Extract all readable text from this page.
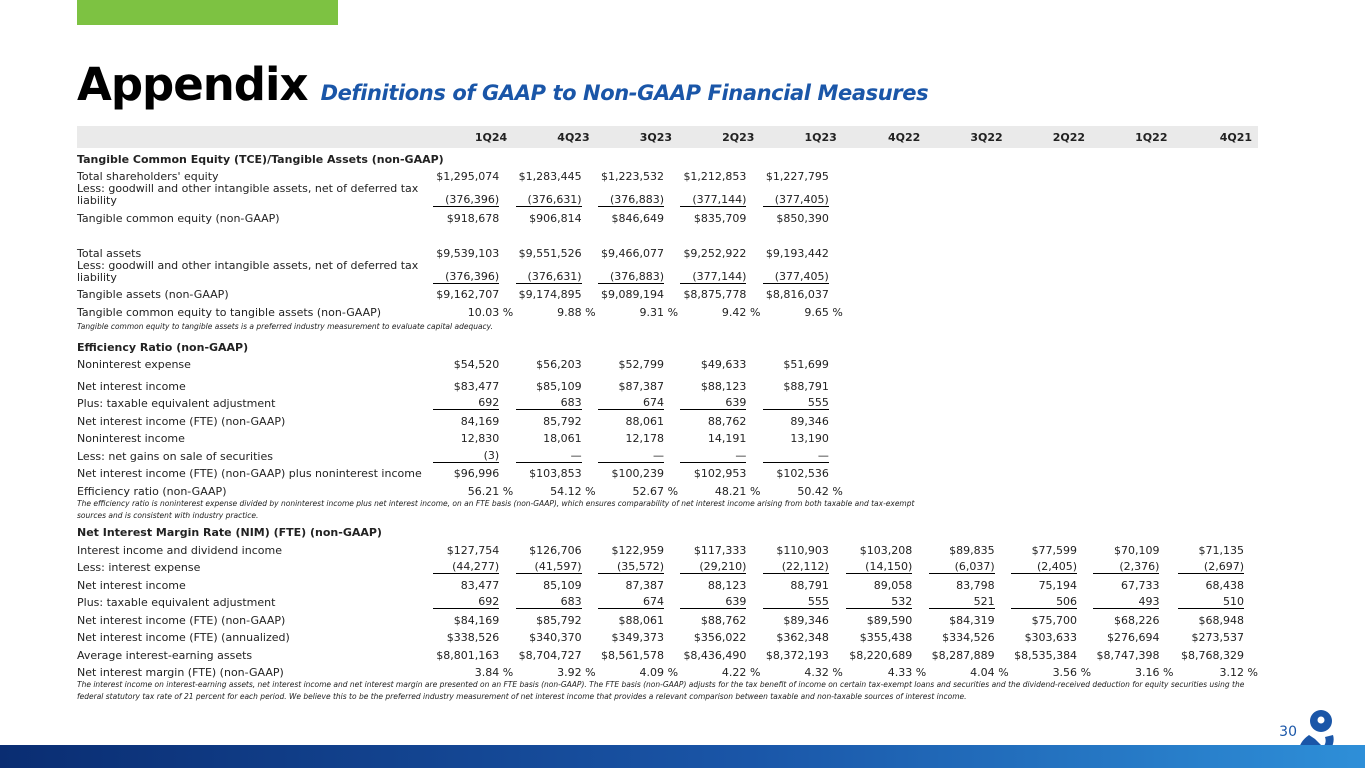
Appendix Definitions of GAAP to Non-GAAP Financial Measures
	1Q24	4Q23	3Q23	2Q23	1Q23	4Q22	3Q22	2Q22	1Q22	4Q21
Tangible Common Equity (TCE)/Tangible Assets (non-GAAP)										
Total shareholders' equity	$1,295,074	$1,283,445	$1,223,532	$1,212,853	$1,227,795					
Less: goodwill and other intangible assets, net of deferred tax liability	(376,396)	(376,631)	(376,883)	(377,144)	(377,405)					
Tangible common equity (non-GAAP)	$918,678	$906,814	$846,649	$835,709	$850,390					

Total assets	$9,539,103	$9,551,526	$9,466,077	$9,252,922	$9,193,442					
Less: goodwill and other intangible assets, net of deferred tax liability	(376,396)	(376,631)	(376,883)	(377,144)	(377,405)					
Tangible assets (non-GAAP)	$9,162,707	$9,174,895	$9,089,194	$8,875,778	$8,816,037					
Tangible common equity to tangible assets (non-GAAP)	10.03 %	9.88 %	9.31 %	9.42 %	9.65 %					
Tangible common equity to tangible assets is a preferred industry measurement to evaluate capital adequacy.										
Efficiency Ratio (non-GAAP)										
Noninterest expense	$54,520	$56,203	$52,799	$49,633	$51,699					

Net interest income	$83,477	$85,109	$87,387	$88,123	$88,791					
Plus: taxable equivalent adjustment	692	683	674	639	555					
Net interest income (FTE) (non-GAAP)	84,169	85,792	88,061	88,762	89,346					
Noninterest income	12,830	18,061	12,178	14,191	13,190					
Less: net gains on sale of securities	(3)	—	—	—	—					
Net interest income (FTE) (non-GAAP) plus noninterest income	$96,996	$103,853	$100,239	$102,953	$102,536					
Efficiency ratio (non-GAAP)	56.21 %	54.12 %	52.67 %	48.21 %	50.42 %					
The efficiency ratio is noninterest expense divided by noninterest income plus net interest income, on an FTE basis (non-GAAP), which ensures comparability of net interest income arising from both taxable and tax-exempt sources and is consistent with industry practice.										
Net Interest Margin Rate (NIM) (FTE) (non-GAAP)										
Interest income and dividend income	$127,754	$126,706	$122,959	$117,333	$110,903	$103,208	$89,835	$77,599	$70,109	$71,135
Less: interest expense	(44,277)	(41,597)	(35,572)	(29,210)	(22,112)	(14,150)	(6,037)	(2,405)	(2,376)	(2,697)
Net interest income	83,477	85,109	87,387	88,123	88,791	89,058	83,798	75,194	67,733	68,438
Plus: taxable equivalent adjustment	692	683	674	639	555	532	521	506	493	510
Net interest income (FTE) (non-GAAP)	$84,169	$85,792	$88,061	$88,762	$89,346	$89,590	$84,319	$75,700	$68,226	$68,948
Net interest income (FTE) (annualized)	$338,526	$340,370	$349,373	$356,022	$362,348	$355,438	$334,526	$303,633	$276,694	$273,537
Average interest-earning assets	$8,801,163	$8,704,727	$8,561,578	$8,436,490	$8,372,193	$8,220,689	$8,287,889	$8,535,384	$8,747,398	$8,768,329
Net interest margin (FTE) (non-GAAP)	3.84 %	3.92 %	4.09 %	4.22 %	4.32 %	4.33 %	4.04 %	3.56 %	3.16 %	3.12 %
The interest income on interest-earning assets, net interest income and net interest margin are presented on an FTE basis (non-GAAP). The FTE basis (non-GAAP) adjusts for the tax benefit of income on certain tax-exempt loans and securities and the dividend-received deduction for equity securities using the federal statutory tax rate of 21 percent for each period. We believe this to be the preferred industry measurement of net interest income that provides a relevant comparison between taxable and non-taxable sources of interest income.										
30
